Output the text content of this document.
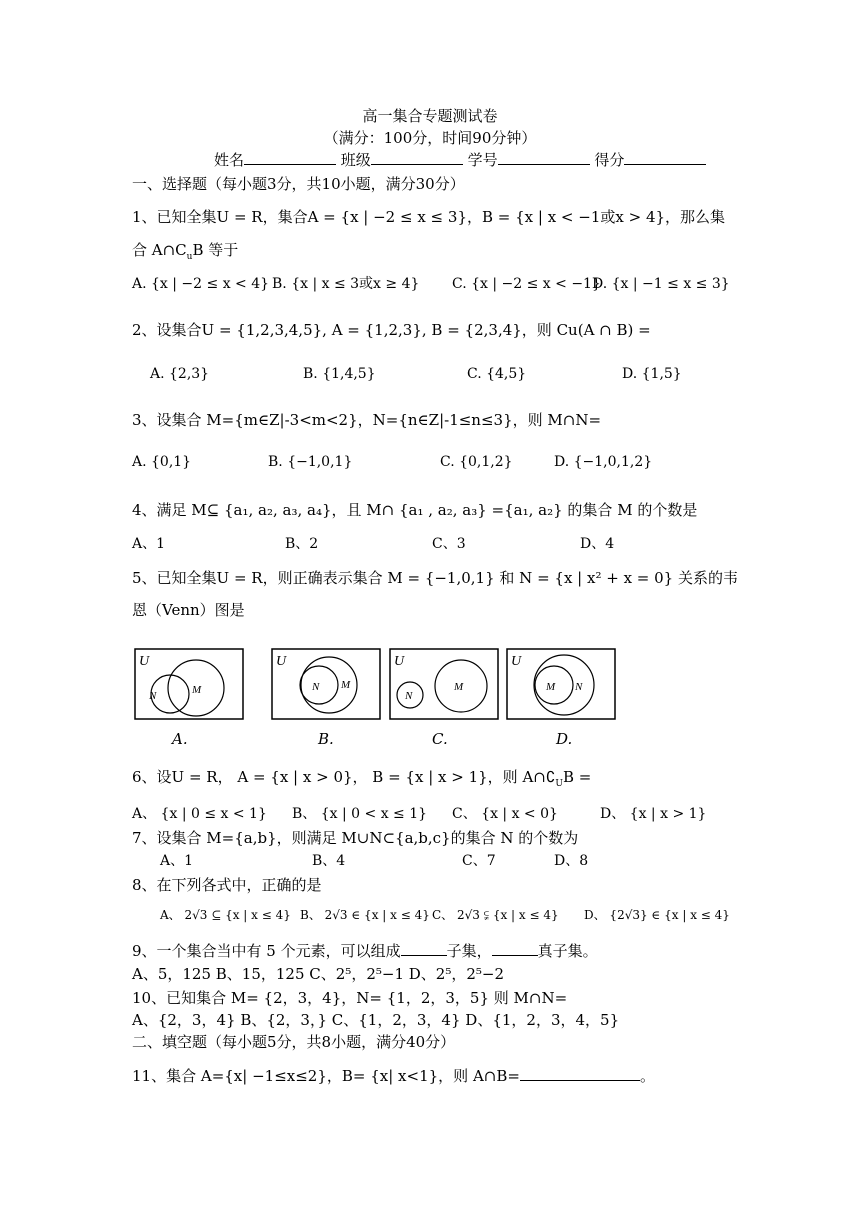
高一集合专题测试卷
（满分：100分，时间90分钟）
姓名	班级	学号	得分
一、选择题（每小题3分，共10小题，满分30分）
1、已知全集U = R，集合A = {x | −2 ≤ x ≤ 3}，B = {x | x < −1或x > 4}，那么集
合 $A\cap C_uB$ 等于
A. {x | −2 ≤ x < 4} B. {x | x ≤ 3或x ≥ 4} C. {x | −2 ≤ x < −1}
D. {x | −1 ≤ x ≤ 3}
2、设集合U = {1,2,3,4,5}, A = {1,2,3}, B = {2,3,4}，则 Cu(A ∩ B) =
A. {2,3}	B. {1,4,5}	C. {4,5}	D. {1,5}
3、设集合 M={m∈Z|-3<m<2}，N={n∈Z|-1≤n≤3}，则 M∩N=
A. {0,1}	B. {−1,0,1}	C. {0,1,2}	D. {−1,0,1,2}
4、满足 M⊆ {a₁, a₂, a₃, a₄}，且 M∩ {a₁ , a₂, a₃} ={a₁, a₂} 的集合 M 的个数是
A、1	B、2	C、3	D、4
5、已知全集U = R，则正确表示集合 M = {−1,0,1} 和 N = {x | x² + x = 0} 关系的韦
恩（Venn）图是
U
N	M
U
N M
U
N
M
U
M N
A.	B.	C.	D.
6、设U = R， A = {x | x > 0}， B = {x | x > 1}，则 $A\cap∁_UB$ =
A、 {x | 0 ≤ x < 1} B、 {x | 0 < x ≤ 1} C、 {x | x < 0}	D、 {x | x > 1}
7、设集合 M={a,b}，则满足 M∪N⊂{a,b,c}的集合 N 的个数为
A、1	B、4	C、7	D、8
8、在下列各式中，正确的是
A、 2√3 ⊆ {x | x ≤ 4} B、 2√3 ∈ {x | x ≤ 4} C、 2√3 ⫋ {x | x ≤ 4} D、 {2√3} ∈ {x | x ≤ 4}
9、一个集合当中有 5 个元素，可以组成	子集，	真子集。
A、5，125 B、15，125 C、2⁵，2⁵−1 D、2⁵，2⁵−2
10、已知集合 M= {2，3，4}，N= {1，2，3，5} 则 M∩N=
A、{2，3，4} B、{2，3，} C、{1，2，3，4} D、{1，2，3，4，5}
二、填空题（每小题5分，共8小题，满分40分）
11、集合 A={x| −1≤x≤2}，B= {x| x<1}，则 A∩B=	。
